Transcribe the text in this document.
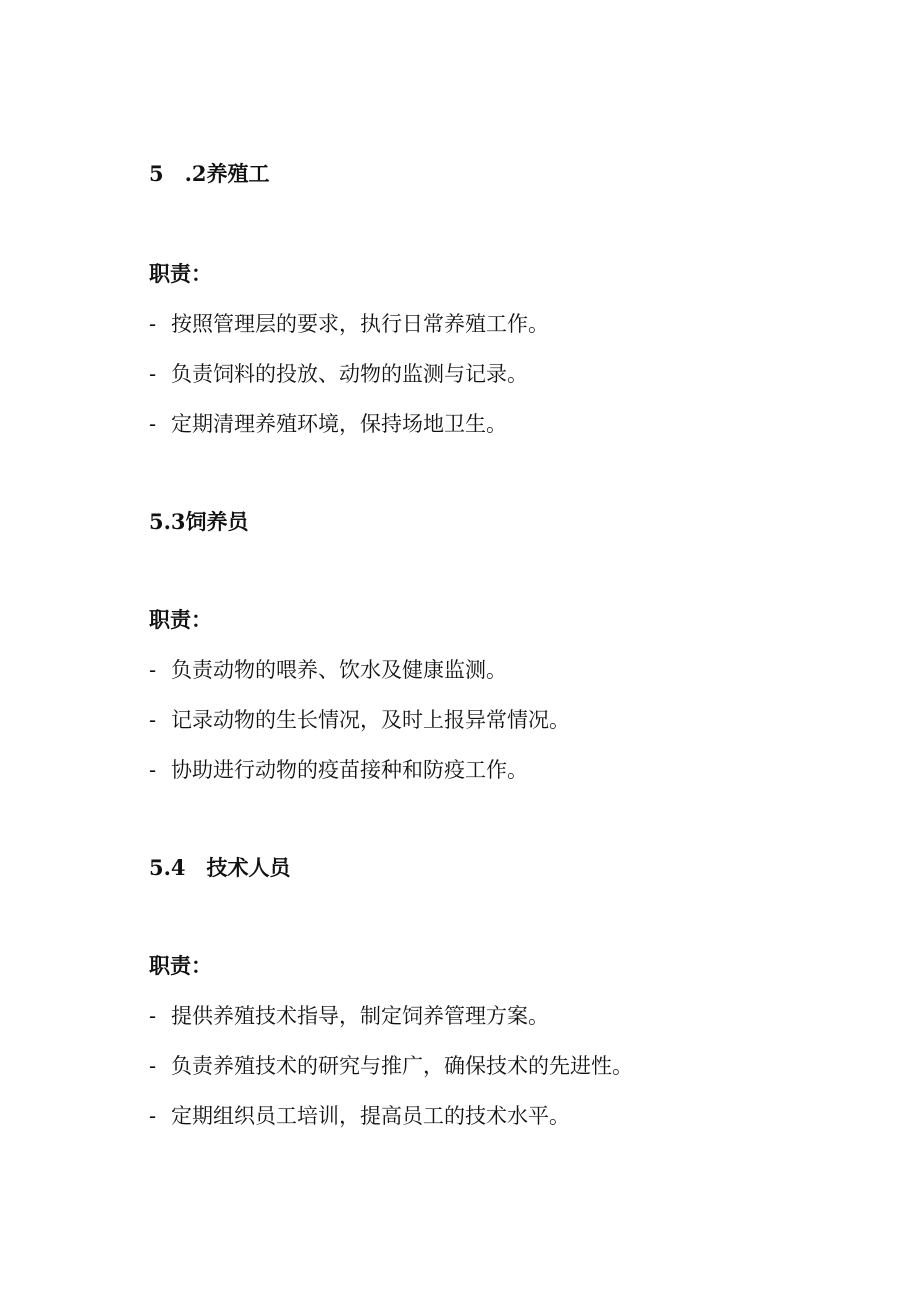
5　.2养殖工
职责：
- 按照管理层的要求，执行日常养殖工作。
- 负责饲料的投放、动物的监测与记录。
- 定期清理养殖环境，保持场地卫生。
5.3饲养员
职责：
- 负责动物的喂养、饮水及健康监测。
- 记录动物的生长情况，及时上报异常情况。
- 协助进行动物的疫苗接种和防疫工作。
5.4　技术人员
职责：
- 提供养殖技术指导，制定饲养管理方案。
- 负责养殖技术的研究与推广，确保技术的先进性。
- 定期组织员工培训，提高员工的技术水平。
